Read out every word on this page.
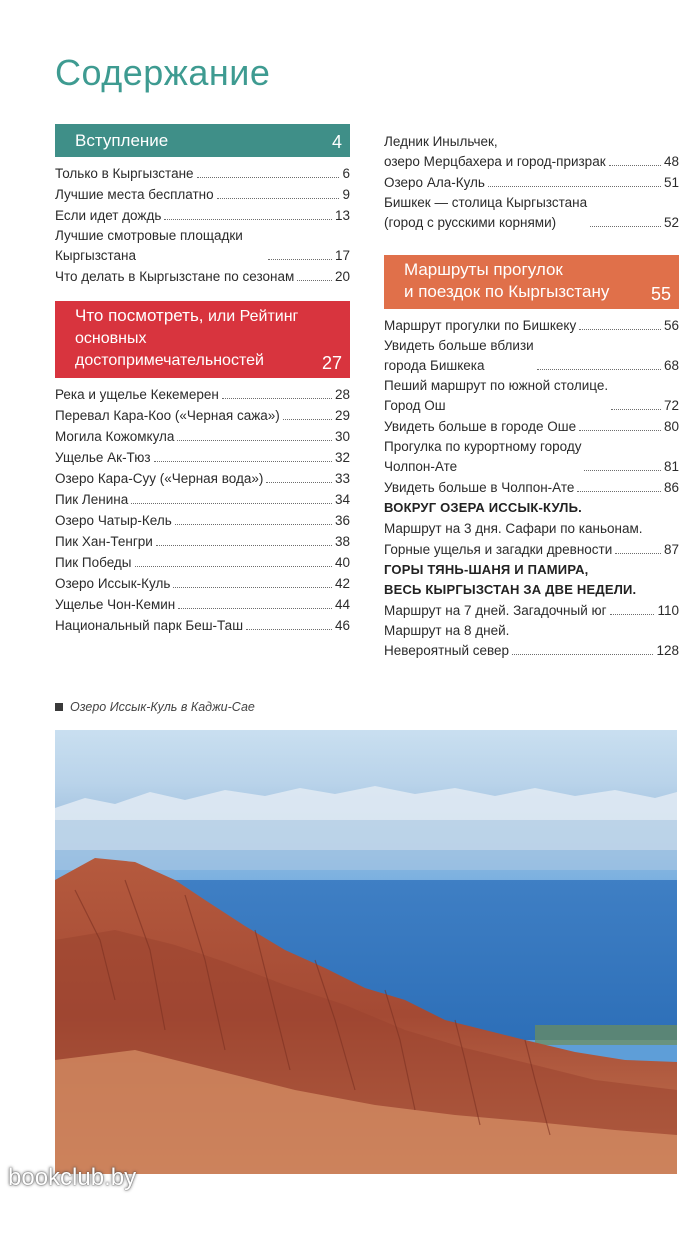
Содержание
Вступление	4
Только в Кыргызстане	6
Лучшие места бесплатно	9
Если идет дождь	13
Лучшие смотровые площадки Кыргызстана	17
Что делать в Кыргызстане по сезонам	20
Что посмотреть, или Рейтинг основных достопримечательностей	27
Река и ущелье Кекемерен	28
Перевал Кара-Коо («Черная сажа»)	29
Могила Кожомкула	30
Ущелье Ак-Тюз	32
Озеро Кара-Суу («Черная вода»)	33
Пик Ленина	34
Озеро Чатыр-Кель	36
Пик Хан-Тенгри	38
Пик Победы	40
Озеро Иссык-Куль	42
Ущелье Чон-Кемин	44
Национальный парк Беш-Таш	46
Ледник Иныльчек,
озеро Мерцбахера и город-призрак	48
Озеро Ала-Куль	51
Бишкек — столица Кыргызстана
(город с русскими корнями)	52
Маршруты прогулок
и поездок по Кыргызстану	55
Маршрут прогулки по Бишкеку	56
Увидеть больше вблизи
города Бишкека	68
Пеший маршрут по южной столице.
Город Ош	72
Увидеть больше в городе Оше	80
Прогулка по курортному городу
Чолпон-Ате	81
Увидеть больше в Чолпон-Ате	86
ВОКРУГ ОЗЕРА ИССЫК-КУЛЬ.
Маршрут на 3 дня. Сафари по каньонам.
Горные ущелья и загадки древности	87
ГОРЫ ТЯНЬ-ШАНЯ И ПАМИРА,
ВЕСЬ КЫРГЫЗСТАН ЗА ДВЕ НЕДЕЛИ.
Маршрут на 7 дней. Загадочный юг	110
Маршрут на 8 дней.
Невероятный север	128
Озеро Иссык-Куль в Каджи-Сае
bookclub.by
